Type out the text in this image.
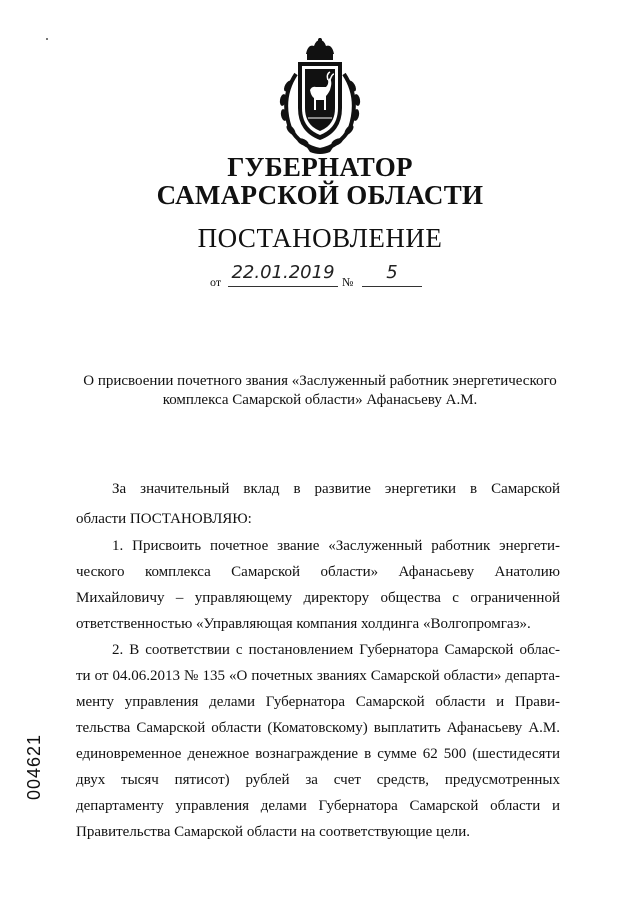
ГУБЕРНАТОР
САМАРСКОЙ ОБЛАСТИ
ПОСТАНОВЛЕНИЕ
от 22.01.2019 №	5
О присвоении почетного звания «Заслуженный работник энергетического
комплекса Самарской области» Афанасьеву А.М.
За значительный вклад в развитие энергетики в Самарской
области ПОСТАНОВЛЯЮ:
1. Присвоить почетное звание «Заслуженный работник энергети-
ческого комплекса Самарской области» Афанасьеву Анатолию
Михайловичу – управляющему директору общества с ограниченной
ответственностью «Управляющая компания холдинга «Волгопромгаз».
2. В соответствии с постановлением Губернатора Самарской облас-
ти от 04.06.2013 № 135 «О почетных званиях Самарской области» департа-
менту управления делами Губернатора Самарской области и Прави-
тельства Самарской области (Коматовскому) выплатить Афанасьеву А.М.
единовременное денежное вознаграждение в сумме 62 500 (шестидесяти
двух тысяч пятисот) рублей за счет средств, предусмотренных
департаменту управления делами Губернатора Самарской области и
Правительства Самарской области на соответствующие цели.
004621
